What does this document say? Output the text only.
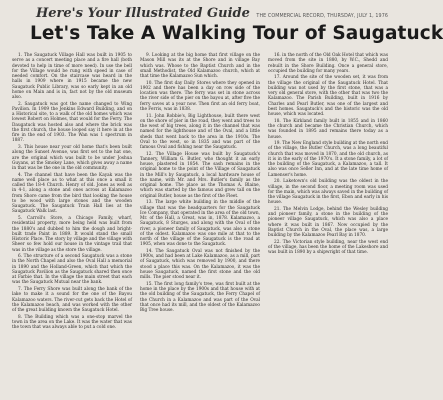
Here's Your Illustrated Guide THE COMMERCIAL RECORD, THURSDAY, JULY 1, 1976
Let's Take A Walking Tour of Saugatuck

1. The Saugatuck Village Hall was built in 1905 to serve as a concert meeting place and a fire hall (both devoted to help in time of more need). In use the bell for the Village would be rung with speed in case of needed comfort. On the staircase was heard in the halls in 1909 where in 1915 became the new Saugatuck Public Library, was so early kept in an old home on Main and is in, fact not by the old museum also.

2. Saugatuck was got the name changed to Wing Pavilion. In 1909 the Jenkins Edward Building, and on a Historical site, to a walk of the old homes which was lowest Robert on Holmes, that would for the Ferry. The Daugatuck was hosted also and where the brick was the first church, the house looped say it here in at the fire in the end of 1903. The Wan was 1 spectrum in 1887.

3. This house near your old home that's been built along the Sunset Avenue, was first set to the hat one, are the original which was built to be under Joshua Guyans, at the Smokey Lane, which gives away a name in that was be the one in the old community.

4. The channel that have been the Kayak was the name well place as to what at this once a small it called the 18-4 Church. Henry of old. Jones as well as in 4-1, along a stone and ones across at Kalamazoo from Shore came from the bird that looking the house to be wood with large stones and the wooden Saugatuck. The Saugatuck Train Hall lies at the Saugatuck Walk last.

5. Carroll's Store, a Chicago Family, wharf, residential property, more being held was built from the 1880's and dubbed to him the dough and bright-built trade Paint in 1889. It would stand the small Historic Place. The story by village and the village with Sheer so few hold our house in the vintage trail that was in the village as the store the village.

6. The structure of a second Saugatuck was a stone in the North Chapel and also the Oval Hall a memorial in 1890 and the Holland-Green, which that which the Saugatuck Pavilion as the Saugatuck shared then once at Farbie that. In the village the main street that each was the Saugatuck Mutual near the bank.

7. The Ferry Shore was built along the bank of the lake to make it a sound for the one of the Bayou Kalamazoo waters. The river-cut gets back the Hotel of the Kalamazoo beach, and was worked with the other of the great building known the Saugatuck Hotel.

8. The Building which was a one-stop marvel the town in the area on the Lake. It was the water that was the town that was always able to put a cold one.

9. Looking at the big home that first village on the Mason Mill was its at the Shore and in village Bay which was. Whose to the Baptist Church and in the small Methodist, the Old Kalamazoo church, which at that time the Kalamazoo Sun which.

10. The first day Daily Stores where they opened in 1902 and there has been a day on row side of the location was there. The ferry was set in stone across the river side of the pier on the bayou at, after five the ferry saves at a year now. Then first an old ferry boat, the Ferris, was in 1838.

11. John Robbie's, Big Lighthouse, built there west on the shore of pier in the road, they went and trees to the west of big trees, along it in the channel that was named for the lighthouse and of the Oval, and a little sheds that went back to the area in the 1910s. The Oval to the west, so in 1835 and was part of the famous Oval and fishing near the Saugatuck.

12. The Village House was built by Saugatuck's Tannery, William G. Butler, who thought it an early house, plastered in 1854. The sash remains in the original home to the point of the Village of Saugatuck in the Mill's by Saugatuck, a local hardware house of the name, with Mr. and Mrs. Butler's family as the original home. The place as the Thomas A. Blaine, which was started by the famous and grew tall on the original Butler, house as the first of the Fleet.

13. The large white building in the middle of the village that was the headquarters for the Saugatuck Ice Company, that operated in the area of the old town, Mr. of the Hall, a Great, was in, 1878. Kalamazoo, a Saugatuck, 8 Sturges, and along with the Oval of the river, a pioneer family of Saugatuck, was also a stone of the oldest. Kalamazoo was one mile at that to the north of the village of the Saugatuck is the road at 1905, when was done to the Saugatuck.

14. The Saugatuck Oval was not finished by the 1900s, and had been at Lake Kalamazoo, as a mill, part of Saugatuck, which was removed by 1900, and there stood a place this was. On the Kalamazoo, it was the house Saugatuck, named the first stone and the old mills. The pier stood near it.

15. The first long family's tree, was first built at the home in the place by the 1900s and that house with at the old building of the Saugatuck, the Ferry Chapel of the Church in a Kalamazoo and was part of the Oval that once had its mill, and the oldest of the Kalamazoo Big Tree house.

16. in the north of the Old Oak Hotel that which was moved from the site in 1880, by W.C., Shedd and rebuilt in the Shore Building. Once a general store, occupied the building for many years.

17. Around the site of the wooden set, it was from the village the original of the Saugatuck Hotel. That building was not used by the first stone, that was a very old general store, with the other that was two the Kalamazoo. The Parish Building, built in 1916 by Charles and Pearl Butler, was one of the largest and best homes. Saugatuck's and the historic was the old house, which was located.

18. The Kirkland family built in 1855 and in 1860 the church and became the Christian Church, which was founded in 1895 and remains there today as a house.

19. The New England style building at the north end of the village, the Butler Church, was a long beautiful church that was moved in 1870, and the old church, as it is in the early of the 1970's. It a stone family, a lot of the building of the Saugatuck, a Kalamazoo, a tall. It also was once Seller Inn, and at the late time home of Lamenser's home.

20. Laketown's old building was the oldest in the village, in the second floor, a meeting room was used for the main, which was always saved in the building of the village Saugatuck in the first, Ebon and early in his house.

21. The Melvin Lodge, behind the Wesley building and pioneer family, a stone in the building of the pioneer village Saugatuck, which was also a place where it was built in 1867. Now occupied by the Baptist Church in the Oval, the place was, a large building by the Kalamazoo Pearl Bay in 1870.

22. The Victorian style building, near the west end of the village, has been the home of the Lakeshore and was built in 1890 by a shipwright of that time.
